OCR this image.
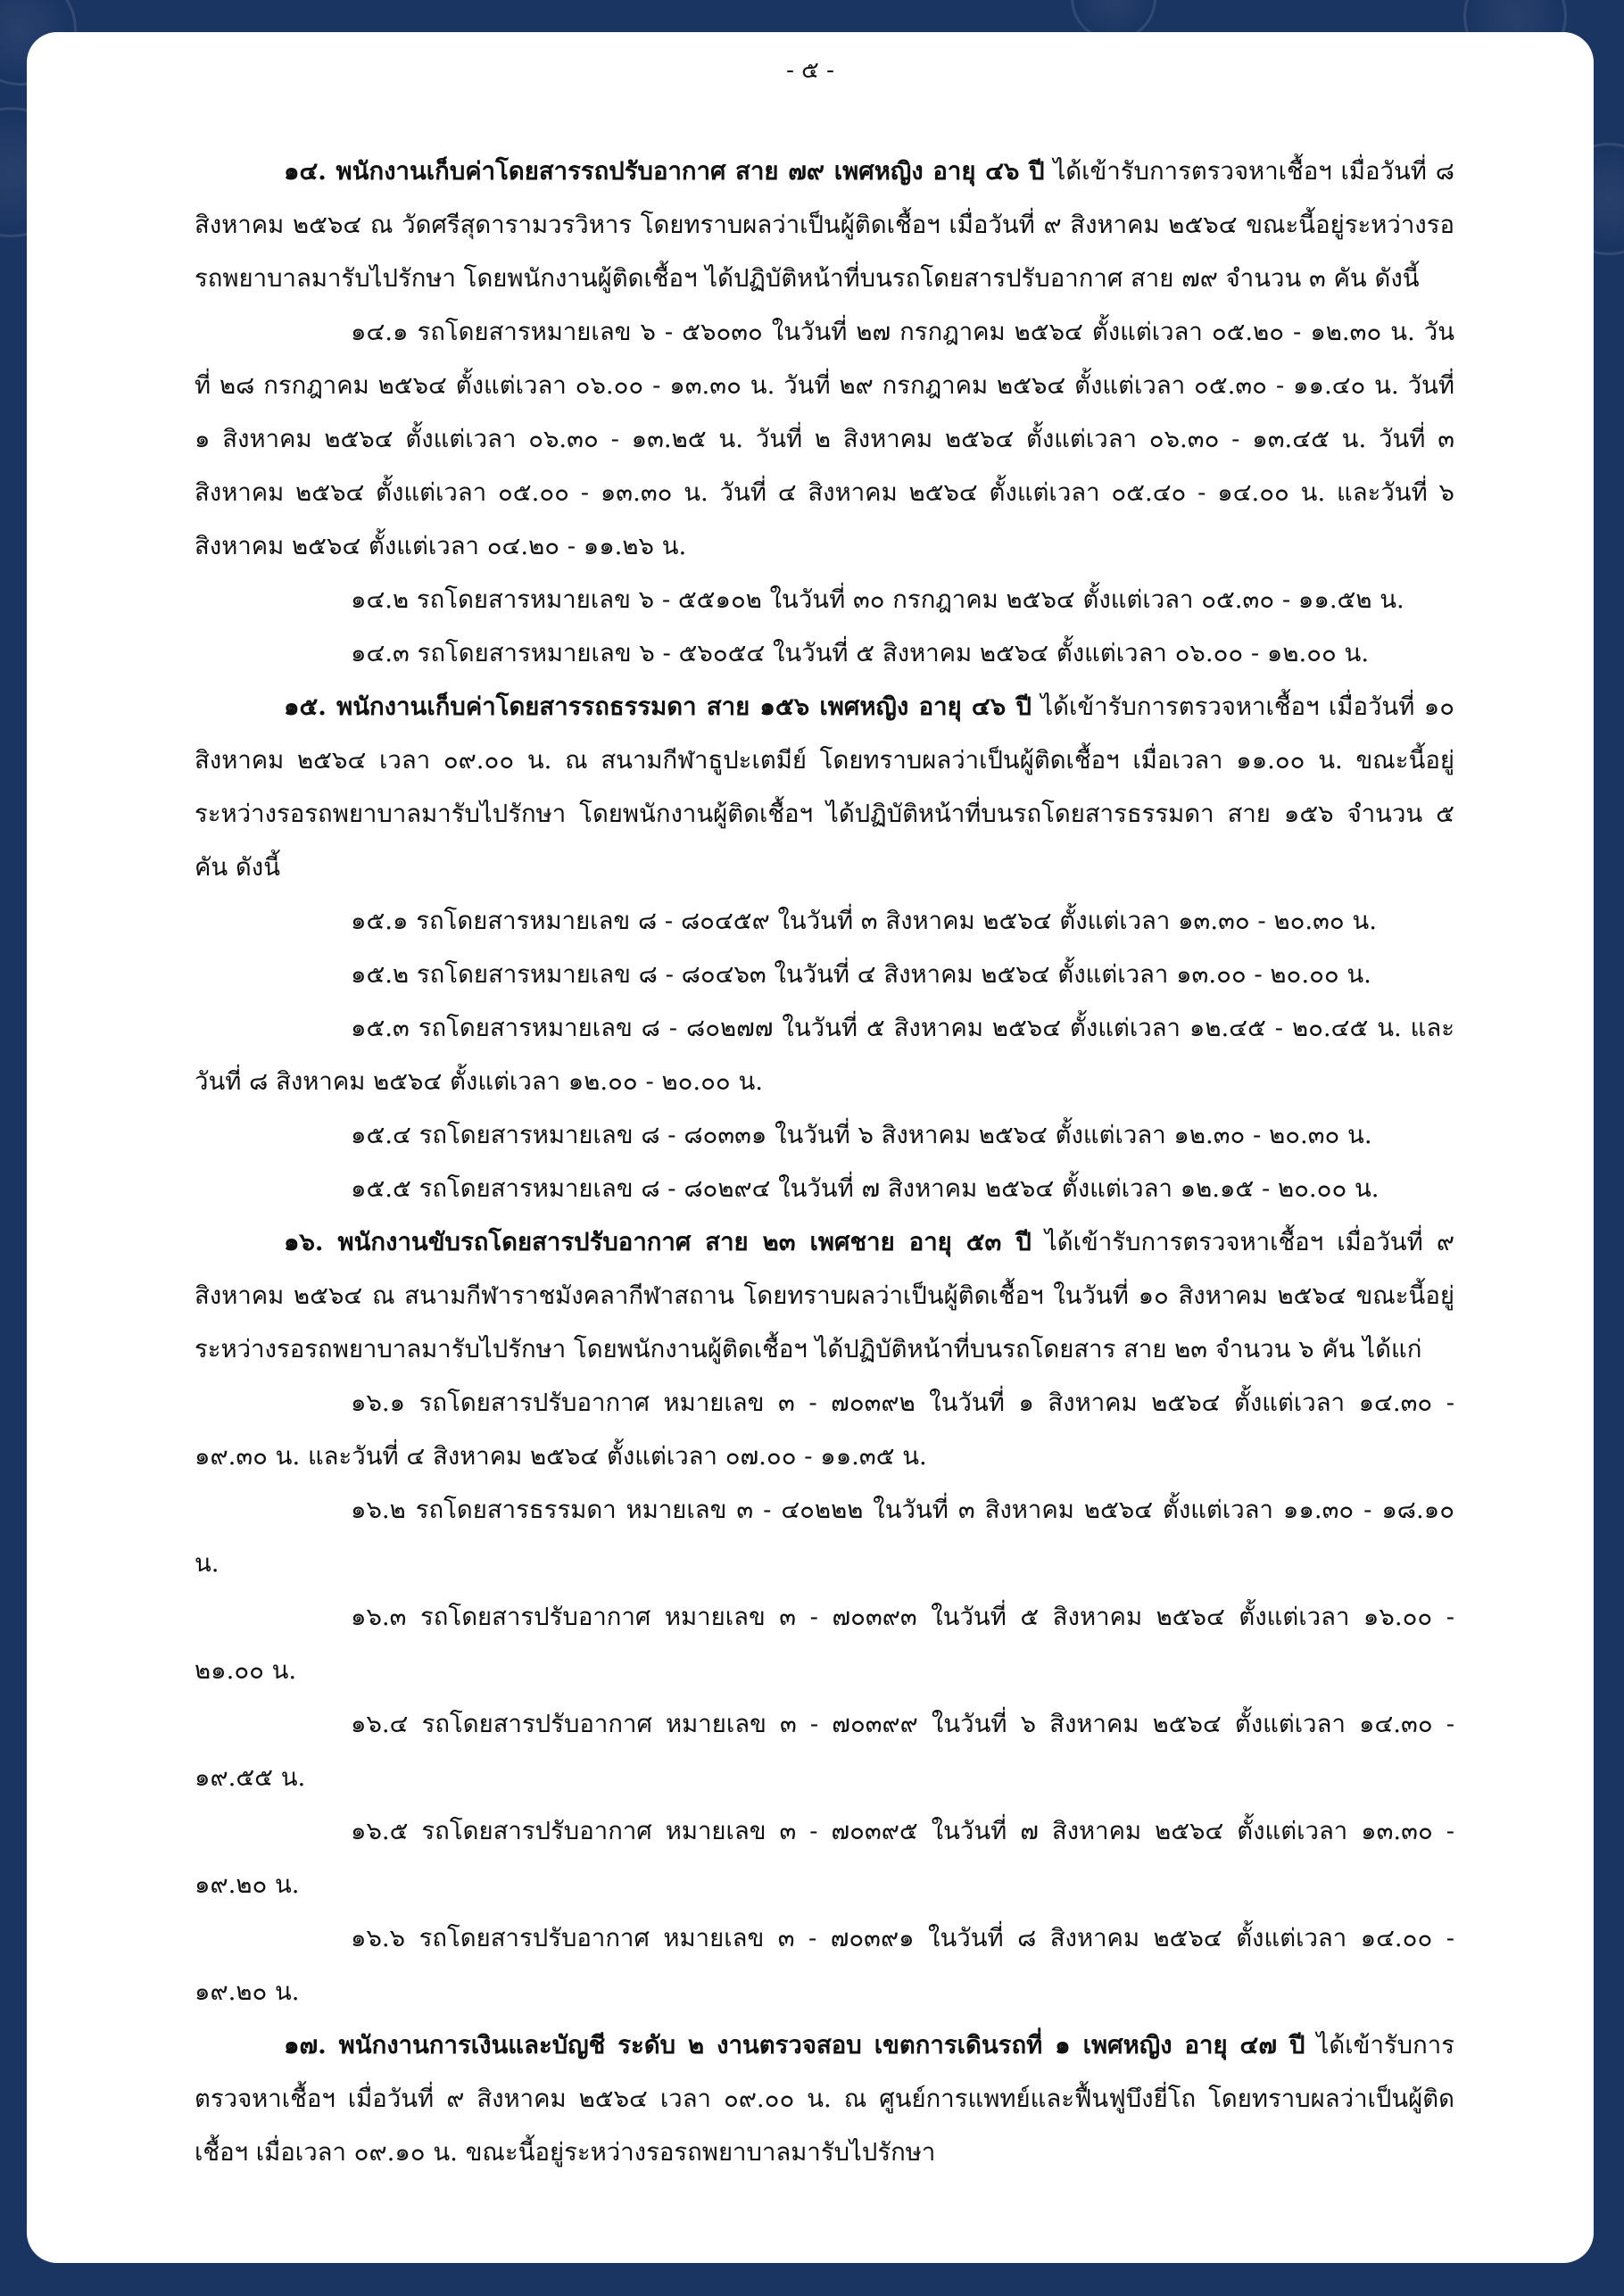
- ๕ -

๑๔. พนักงานเก็บค่าโดยสารรถปรับอากาศ สาย ๗๙ เพศหญิง อายุ ๔๖ ปี ได้เข้ารับการตรวจหาเชื้อฯ เมื่อวันที่ ๘ สิงหาคม ๒๕๖๔ ณ วัดศรีสุดารามวรวิหาร โดยทราบผลว่าเป็นผู้ติดเชื้อฯ เมื่อวันที่ ๙ สิงหาคม ๒๕๖๔ ขณะนี้อยู่ระหว่างรอรถพยาบาลมารับไปรักษา โดยพนักงานผู้ติดเชื้อฯ ได้ปฏิบัติหน้าที่บนรถโดยสารปรับอากาศ สาย ๗๙ จำนวน ๓ คัน ดังนี้

๑๔.๑ รถโดยสารหมายเลข ๖ - ๕๖๐๓๐ ในวันที่ ๒๗ กรกฎาคม ๒๕๖๔ ตั้งแต่เวลา ๐๕.๒๐ - ๑๒.๓๐ น. วันที่ ๒๘ กรกฎาคม ๒๕๖๔ ตั้งแต่เวลา ๐๖.๐๐ - ๑๓.๓๐ น. วันที่ ๒๙ กรกฎาคม ๒๕๖๔ ตั้งแต่เวลา ๐๕.๓๐ - ๑๑.๔๐ น. วันที่ ๑ สิงหาคม ๒๕๖๔ ตั้งแต่เวลา ๐๖.๓๐ - ๑๓.๒๕ น. วันที่ ๒ สิงหาคม ๒๕๖๔ ตั้งแต่เวลา ๐๖.๓๐ - ๑๓.๔๕ น. วันที่ ๓ สิงหาคม ๒๕๖๔ ตั้งแต่เวลา ๐๕.๐๐ - ๑๓.๓๐ น. วันที่ ๔ สิงหาคม ๒๕๖๔ ตั้งแต่เวลา ๐๕.๔๐ - ๑๔.๐๐ น. และวันที่ ๖ สิงหาคม ๒๕๖๔ ตั้งแต่เวลา ๐๔.๒๐ - ๑๑.๒๖ น.

๑๔.๒ รถโดยสารหมายเลข ๖ - ๕๕๑๐๒ ในวันที่ ๓๐ กรกฎาคม ๒๕๖๔ ตั้งแต่เวลา ๐๕.๓๐ - ๑๑.๕๒ น.

๑๔.๓ รถโดยสารหมายเลข ๖ - ๕๖๐๕๔ ในวันที่ ๕ สิงหาคม ๒๕๖๔ ตั้งแต่เวลา ๐๖.๐๐ - ๑๒.๐๐ น.

๑๕. พนักงานเก็บค่าโดยสารรถธรรมดา สาย ๑๕๖ เพศหญิง อายุ ๔๖ ปี ได้เข้ารับการตรวจหาเชื้อฯ เมื่อวันที่ ๑๐ สิงหาคม ๒๕๖๔ เวลา ๐๙.๐๐ น. ณ สนามกีฬาธูปะเตมีย์ โดยทราบผลว่าเป็นผู้ติดเชื้อฯ เมื่อเวลา ๑๑.๐๐ น. ขณะนี้อยู่ระหว่างรอรถพยาบาลมารับไปรักษา โดยพนักงานผู้ติดเชื้อฯ ได้ปฏิบัติหน้าที่บนรถโดยสารธรรมดา สาย ๑๕๖ จำนวน ๕ คัน ดังนี้

๑๕.๑ รถโดยสารหมายเลข ๘ - ๘๐๔๕๙ ในวันที่ ๓ สิงหาคม ๒๕๖๔ ตั้งแต่เวลา ๑๓.๓๐ - ๒๐.๓๐ น.

๑๕.๒ รถโดยสารหมายเลข ๘ - ๘๐๔๖๓ ในวันที่ ๔ สิงหาคม ๒๕๖๔ ตั้งแต่เวลา ๑๓.๐๐ - ๒๐.๐๐ น.

๑๕.๓ รถโดยสารหมายเลข ๘ - ๘๐๒๗๗ ในวันที่ ๕ สิงหาคม ๒๕๖๔ ตั้งแต่เวลา ๑๒.๔๕ - ๒๐.๔๕ น. และวันที่ ๘ สิงหาคม ๒๕๖๔ ตั้งแต่เวลา ๑๒.๐๐ - ๒๐.๐๐ น.

๑๕.๔ รถโดยสารหมายเลข ๘ - ๘๐๓๓๑ ในวันที่ ๖ สิงหาคม ๒๕๖๔ ตั้งแต่เวลา ๑๒.๓๐ - ๒๐.๓๐ น.

๑๕.๕ รถโดยสารหมายเลข ๘ - ๘๐๒๙๔ ในวันที่ ๗ สิงหาคม ๒๕๖๔ ตั้งแต่เวลา ๑๒.๑๕ - ๒๐.๐๐ น.

๑๖. พนักงานขับรถโดยสารปรับอากาศ สาย ๒๓ เพศชาย อายุ ๕๓ ปี ได้เข้ารับการตรวจหาเชื้อฯ เมื่อวันที่ ๙ สิงหาคม ๒๕๖๔ ณ สนามกีฬาราชมังคลากีฬาสถาน โดยทราบผลว่าเป็นผู้ติดเชื้อฯ ในวันที่ ๑๐ สิงหาคม ๒๕๖๔ ขณะนี้อยู่ระหว่างรอรถพยาบาลมารับไปรักษา โดยพนักงานผู้ติดเชื้อฯ ได้ปฏิบัติหน้าที่บนรถโดยสาร สาย ๒๓ จำนวน ๖ คัน ได้แก่

๑๖.๑ รถโดยสารปรับอากาศ หมายเลข ๓ - ๗๐๓๙๒ ในวันที่ ๑ สิงหาคม ๒๕๖๔ ตั้งแต่เวลา ๑๔.๓๐ - ๑๙.๓๐ น. และวันที่ ๔ สิงหาคม ๒๕๖๔ ตั้งแต่เวลา ๐๗.๐๐ - ๑๑.๓๕ น.

๑๖.๒ รถโดยสารธรรมดา หมายเลข ๓ - ๔๐๒๒๒ ในวันที่ ๓ สิงหาคม ๒๕๖๔ ตั้งแต่เวลา ๑๑.๓๐ - ๑๘.๑๐ น.

๑๖.๓ รถโดยสารปรับอากาศ หมายเลข ๓ - ๗๐๓๙๓ ในวันที่ ๕ สิงหาคม ๒๕๖๔ ตั้งแต่เวลา ๑๖.๐๐ - ๒๑.๐๐ น.

๑๖.๔ รถโดยสารปรับอากาศ หมายเลข ๓ - ๗๐๓๙๙ ในวันที่ ๖ สิงหาคม ๒๕๖๔ ตั้งแต่เวลา ๑๔.๓๐ - ๑๙.๕๕ น.

๑๖.๕ รถโดยสารปรับอากาศ หมายเลข ๓ - ๗๐๓๙๕ ในวันที่ ๗ สิงหาคม ๒๕๖๔ ตั้งแต่เวลา ๑๓.๓๐ - ๑๙.๒๐ น.

๑๖.๖ รถโดยสารปรับอากาศ หมายเลข ๓ - ๗๐๓๙๑ ในวันที่ ๘ สิงหาคม ๒๕๖๔ ตั้งแต่เวลา ๑๔.๐๐ - ๑๙.๒๐ น.

๑๗. พนักงานการเงินและบัญชี ระดับ ๒ งานตรวจสอบ เขตการเดินรถที่ ๑ เพศหญิง อายุ ๔๗ ปี ได้เข้ารับการตรวจหาเชื้อฯ เมื่อวันที่ ๙ สิงหาคม ๒๕๖๔ เวลา ๐๙.๐๐ น. ณ ศูนย์การแพทย์และฟื้นฟูบึงยี่โถ โดยทราบผลว่าเป็นผู้ติดเชื้อฯ เมื่อเวลา ๐๙.๑๐ น. ขณะนี้อยู่ระหว่างรอรถพยาบาลมารับไปรักษา
